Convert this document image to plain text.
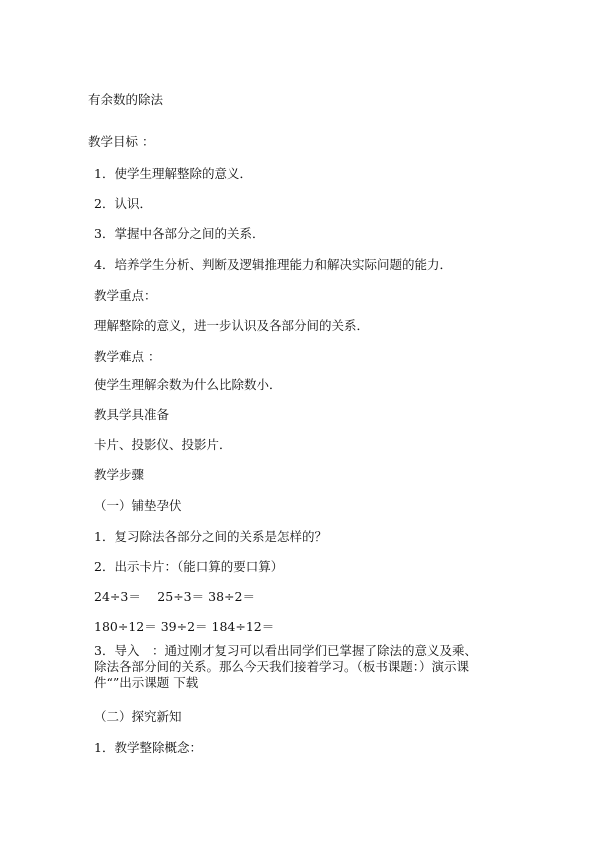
有余数的除法
教学目标 ：
1．使学生理解整除的意义．
2．认识．
3．掌握中各部分之间的关系．
4．培养学生分析、判断及逻辑推理能力和解决实际问题的能力．
教学重点：
理解整除的意义，进一步认识及各部分间的关系．
教学难点 ：
使学生理解余数为什么比除数小．
教具学具准备
卡片、投影仪、投影片．
教学步骤
（一）铺垫孕伏
1．复习除法各部分之间的关系是怎样的？
2．出示卡片：（能口算的要口算）
24÷3＝　 25÷3＝ 38÷2＝
180÷12＝ 39÷2＝ 184÷12＝
3．导入　：通过刚才复习可以看出同学们已掌握了除法的意义及乘、
除法各部分间的关系。那么今天我们接着学习。（板书课题：）演示课
件“”出示课题 下载
（二）探究新知
1．教学整除概念：
